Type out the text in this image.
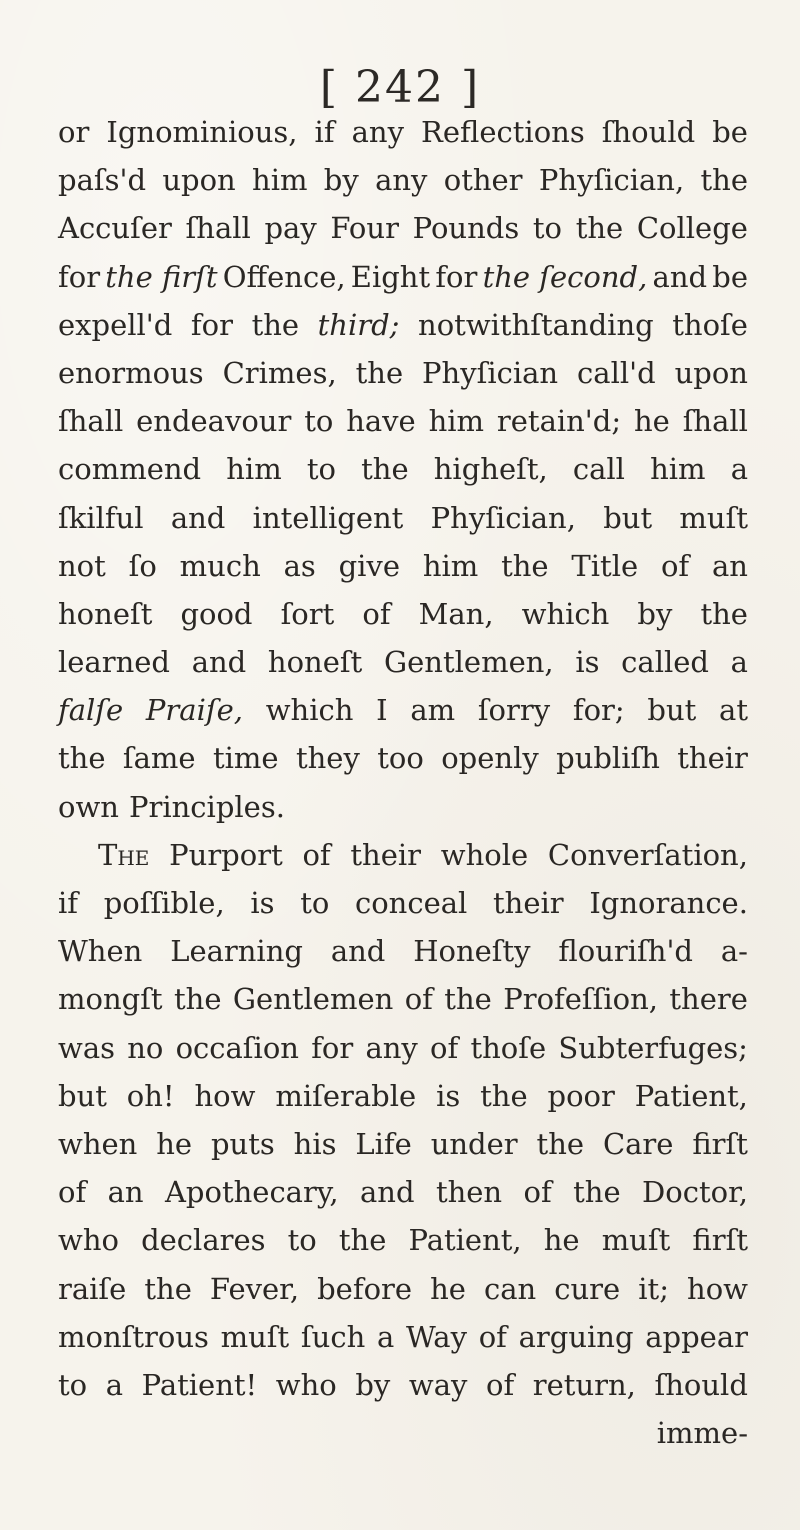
[ 242 ]
or Ignominious, if any Reflections ſhould be
paſs'd upon him by any other Phyſician, the
Accuſer ſhall pay Four Pounds to the College
for the firſt Offence, Eight for the ſecond, and be
expell'd for the third; notwithſtanding thoſe
enormous Crimes, the Phyſician call'd upon
ſhall endeavour to have him retain'd; he ſhall
commend him to the higheſt, call him a
ſkilful and intelligent Phyſician, but muſt
not ſo much as give him the Title of an
honeſt good ſort of Man, which by the
learned and honeſt Gentlemen, is called a
falſe Praiſe, which I am ſorry for; but at
the ſame time they too openly publiſh their
own Principles.
The Purport of their whole Converſation,
if poſſible, is to conceal their Ignorance.
When Learning and Honeſty flouriſh'd a-
mongſt the Gentlemen of the Profeſſion, there
was no occaſion for any of thoſe Subterfuges;
but oh! how miſerable is the poor Patient,
when he puts his Life under the Care firſt
of an Apothecary, and then of the Doctor,
who declares to the Patient, he muſt firſt
raiſe the Fever, before he can cure it; how
monſtrous muſt ſuch a Way of arguing appear
to a Patient! who by way of return, ſhould
imme-
